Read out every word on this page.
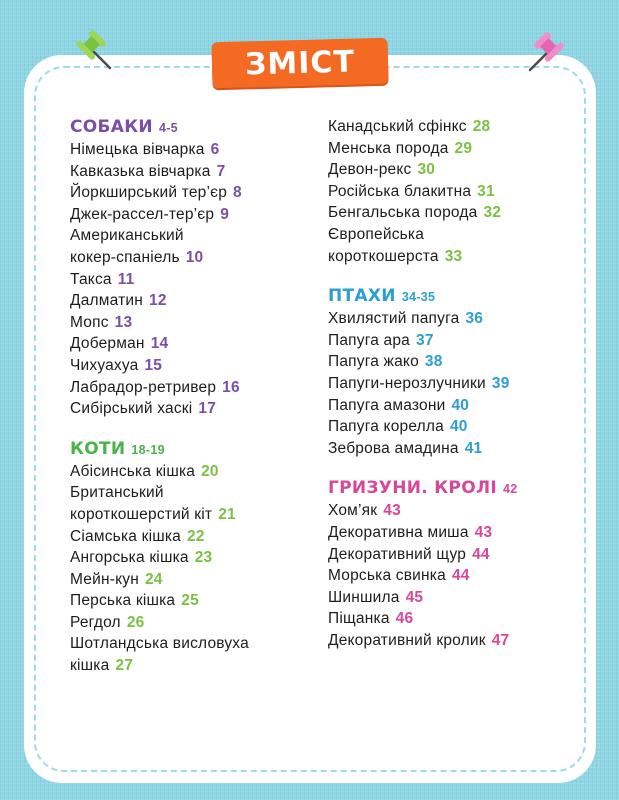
ЗМІСТ
СОБАКИ 4-5
Німецька вівчарка 6
Кавказька вівчарка 7
Йоркширський тер’єр 8
Джек-рассел-тер’єр 9
Американський
кокер-спаніель 10
Такса 11
Далматин 12
Мопс 13
Доберман 14
Чихуахуа 15
Лабрадор-ретривер 16
Сибірський хаскі 17
КОТИ 18-19
Абісинська кішка 20
Британський
короткошерстий кіт 21
Сіамська кішка 22
Ангорська кішка 23
Мейн-кун 24
Перська кішка 25
Регдол 26
Шотландська висловуха
кішка 27
Канадський сфінкс 28
Менська порода 29
Девон-рекс 30
Російська блакитна 31
Бенгальська порода 32
Європейська
короткошерста 33
ПТАХИ 34-35
Хвилястий папуга 36
Папуга ара 37
Папуга жако 38
Папуги-нерозлучники 39
Папуга амазони 40
Папуга корелла 40
Зеброва амадина 41
ГРИЗУНИ. КРОЛІ 42
Хом’як 43
Декоративна миша 43
Декоративний щур 44
Морська свинка 44
Шиншила 45
Піщанка 46
Декоративний кролик 47
